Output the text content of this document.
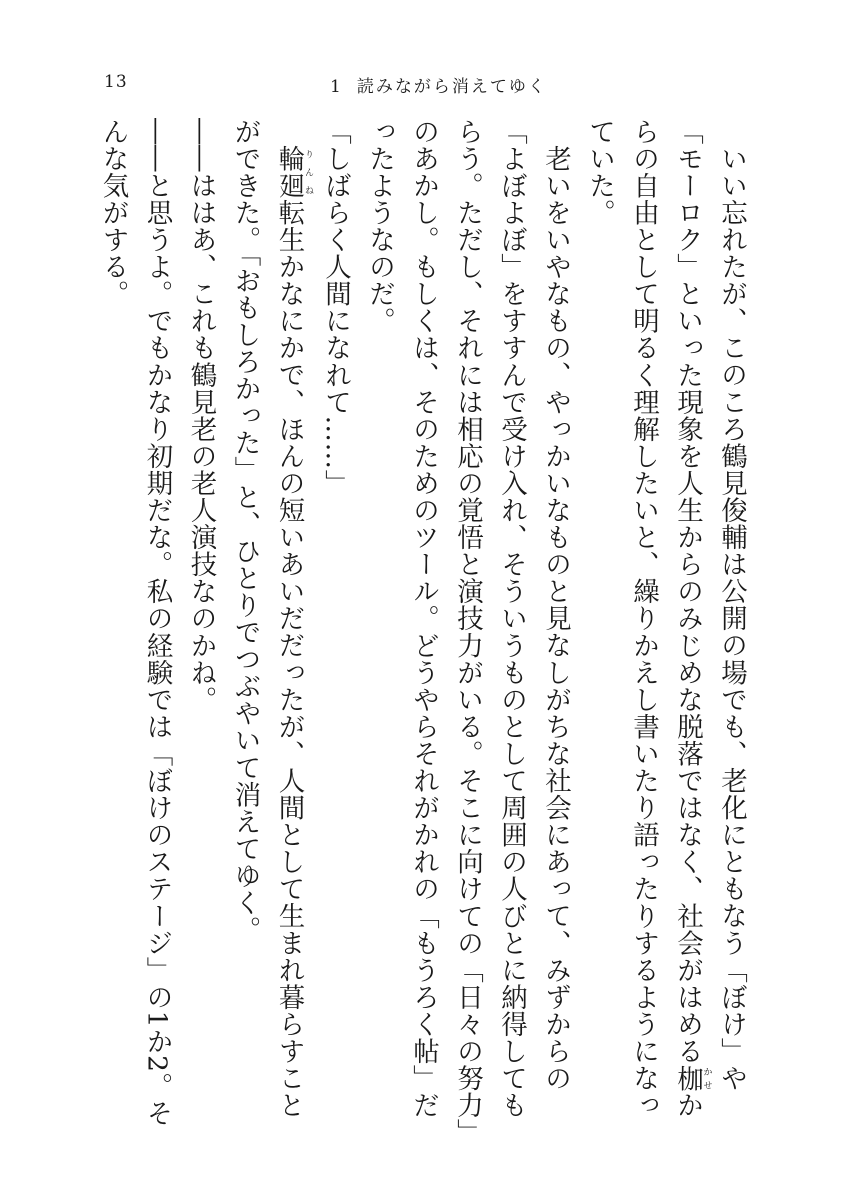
13	1 読みながら消えてゆく

いい忘れたが、このころ鶴見俊輔は公開の場でも、老化にともなう「ぼけ」や「モーロク」といった現象を人生からのみじめな脱落ではなく、社会がはめる枷かせからの自由として明るく理解したいと、繰りかえし書いたり語ったりするようになっていた。

老いをいやなもの、やっかいなものと見なしがちな社会にあって、みずからの「よぼよぼ」をすすんで受け入れ、そういうものとして周囲の人びとに納得してもらう。ただし、それには相応の覚悟と演技力がいる。そこに向けての「日々の努力」のあかし。もしくは、そのためのツール。どうやらそれがかれの「もうろく帖」だったようなのだ。

「しばらく人間になれて……」

輪廻りんね転生かなにかで、ほんの短いあいだだったが、人間として生まれ暮らすことができた。「おもしろかった」と、ひとりでつぶやいて消えてゆく。

――ははあ、これも鶴見老の老人演技なのかね。

――と思うよ。でもかなり初期だな。私の経験では「ぼけのステージ」の1か2。そんな気がする。
